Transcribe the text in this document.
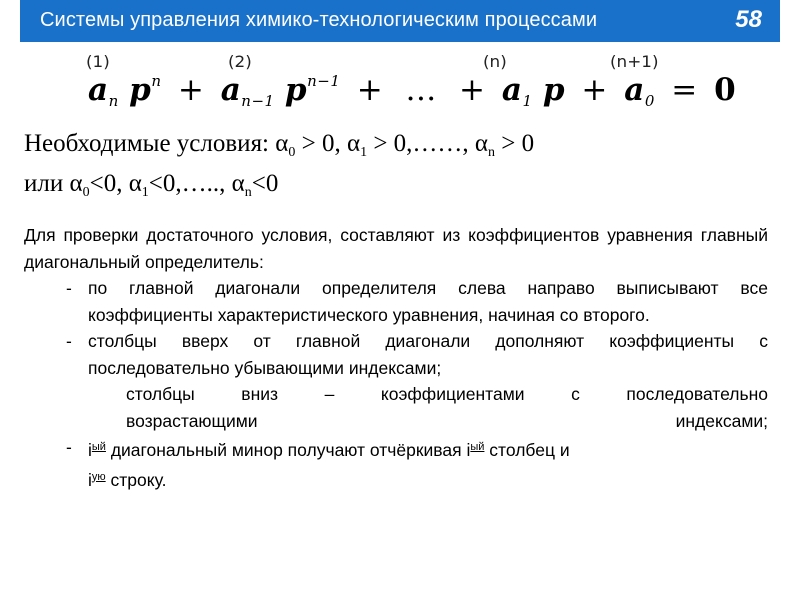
Системы управления химико-технологическим процессами	58
(1)	(2)	(n)	(n+1)
$a_n$ $p^n + a_{n-1}$ $p^{n-1}$ + ... + $a_1$ $p + a_0 = 0$
Необходимые условия: $\alpha_0 > 0$, $\alpha_1$ > 0,……, $\alpha_n > 0$
или $\alpha_0<0$, $\alpha_1<0,\dots$.., $\alpha_n<0$

Для проверки достаточного условия, составляют из коэффициентов уравнения главный диагональный определитель:

- по главной диагонали определителя слева направо выписывают все коэффициенты характеристического уравнения, начиная со второго.

- столбцы вверх от главной диагонали дополняют коэффициенты с последовательно убывающими индексами;

столбцы вниз – коэффициентами с последовательно

возрастающими индексами;

- $i^{ый}$ диагональный минор получают отчёркивая $i^{ый}$ столбец и
$i^{ую}$ строку.
